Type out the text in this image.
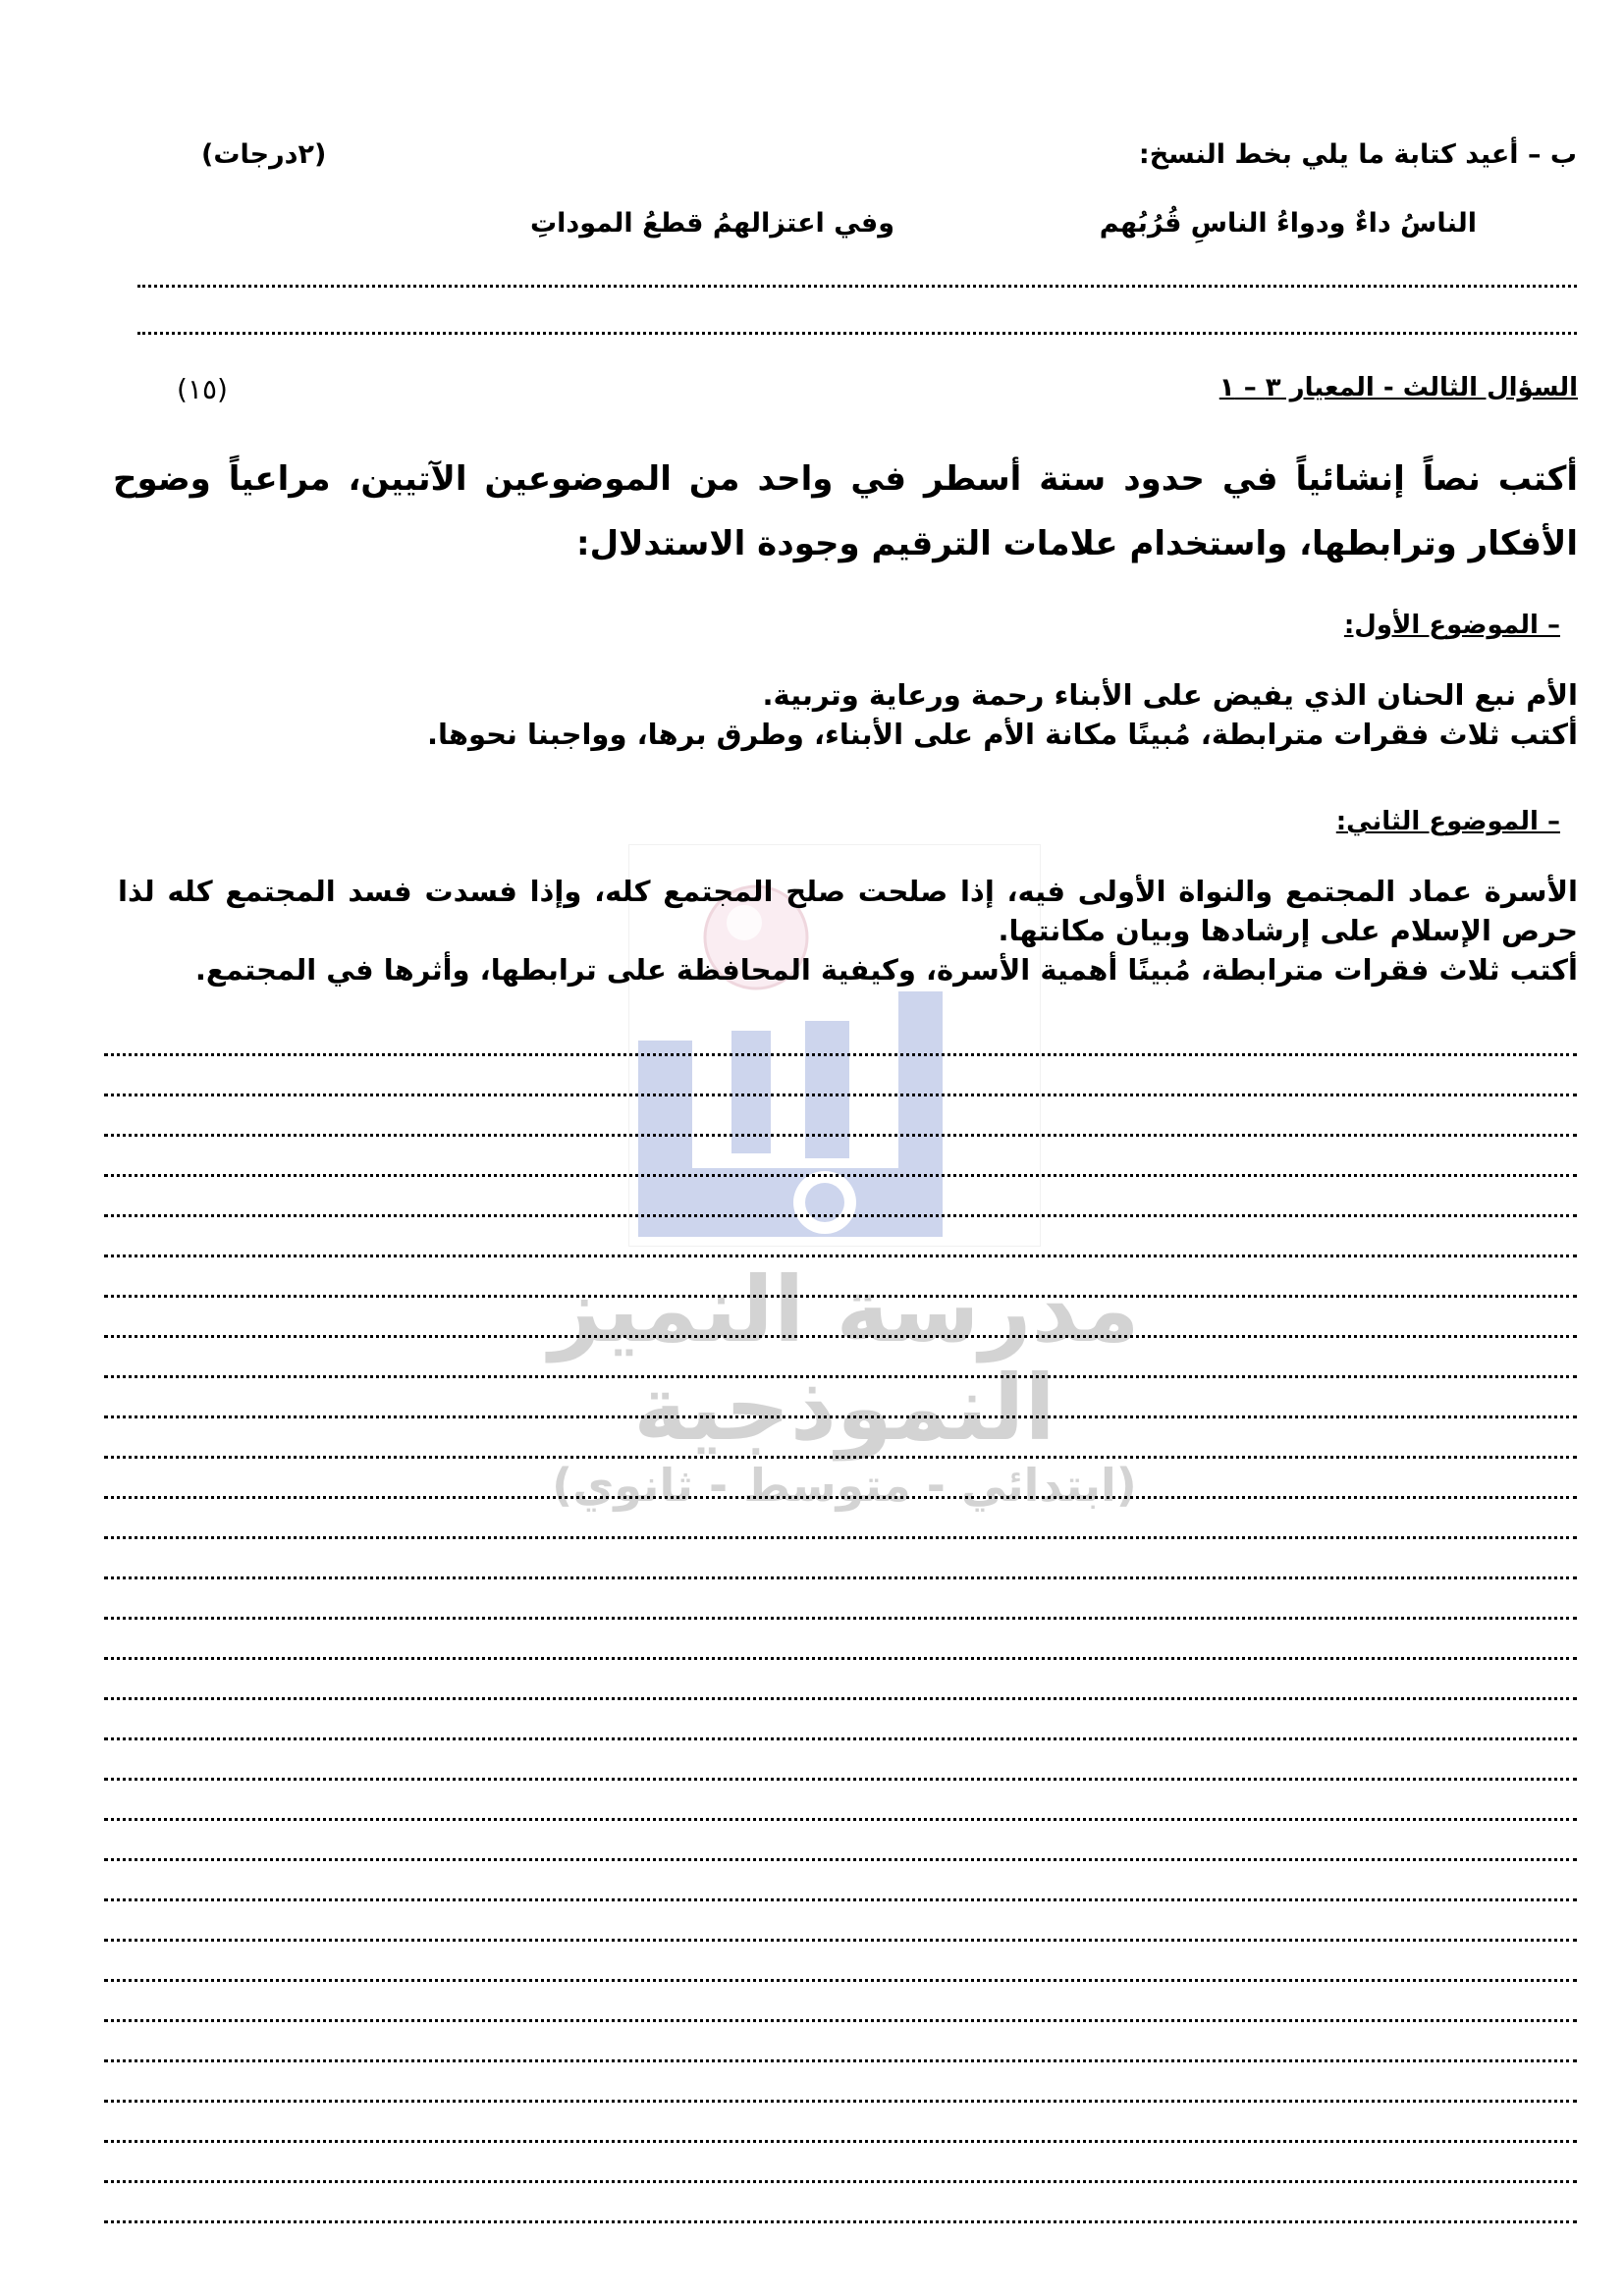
مدرسة النميز النموذجية
(ابتدائي - متوسط - ثانوي)
ب – أعيد كتابة ما يلي بخط النسخ:
(٢درجات)
الناسُ داءٌ ودواءُ الناسِ قُرُبُهم
وفي اعتزالهمُ قطعُ الموداتِ
السؤال الثالث - المعيار ٣ – ١
(١٥)
أكتب نصاً إنشائياً في حدود ستة أسطر في واحد من الموضوعين الآتيين، مراعياً وضوح الأفكار وترابطها، واستخدام علامات الترقيم وجودة الاستدلال:
– الموضوع الأول:
الأم نبع الحنان الذي يفيض على الأبناء رحمة ورعاية وتربية.
أكتب ثلاث فقرات مترابطة، مُبينًا مكانة الأم على الأبناء، وطرق برها، وواجبنا نحوها.
– الموضوع الثاني:
الأسرة عماد المجتمع والنواة الأولى فيه، إذا صلحت صلح المجتمع كله، وإذا فسدت فسد المجتمع كله لذا حرص الإسلام على إرشادها وبيان مكانتها.
أكتب ثلاث فقرات مترابطة، مُبينًا أهمية الأسرة، وكيفية المحافظة على ترابطها، وأثرها في المجتمع.
